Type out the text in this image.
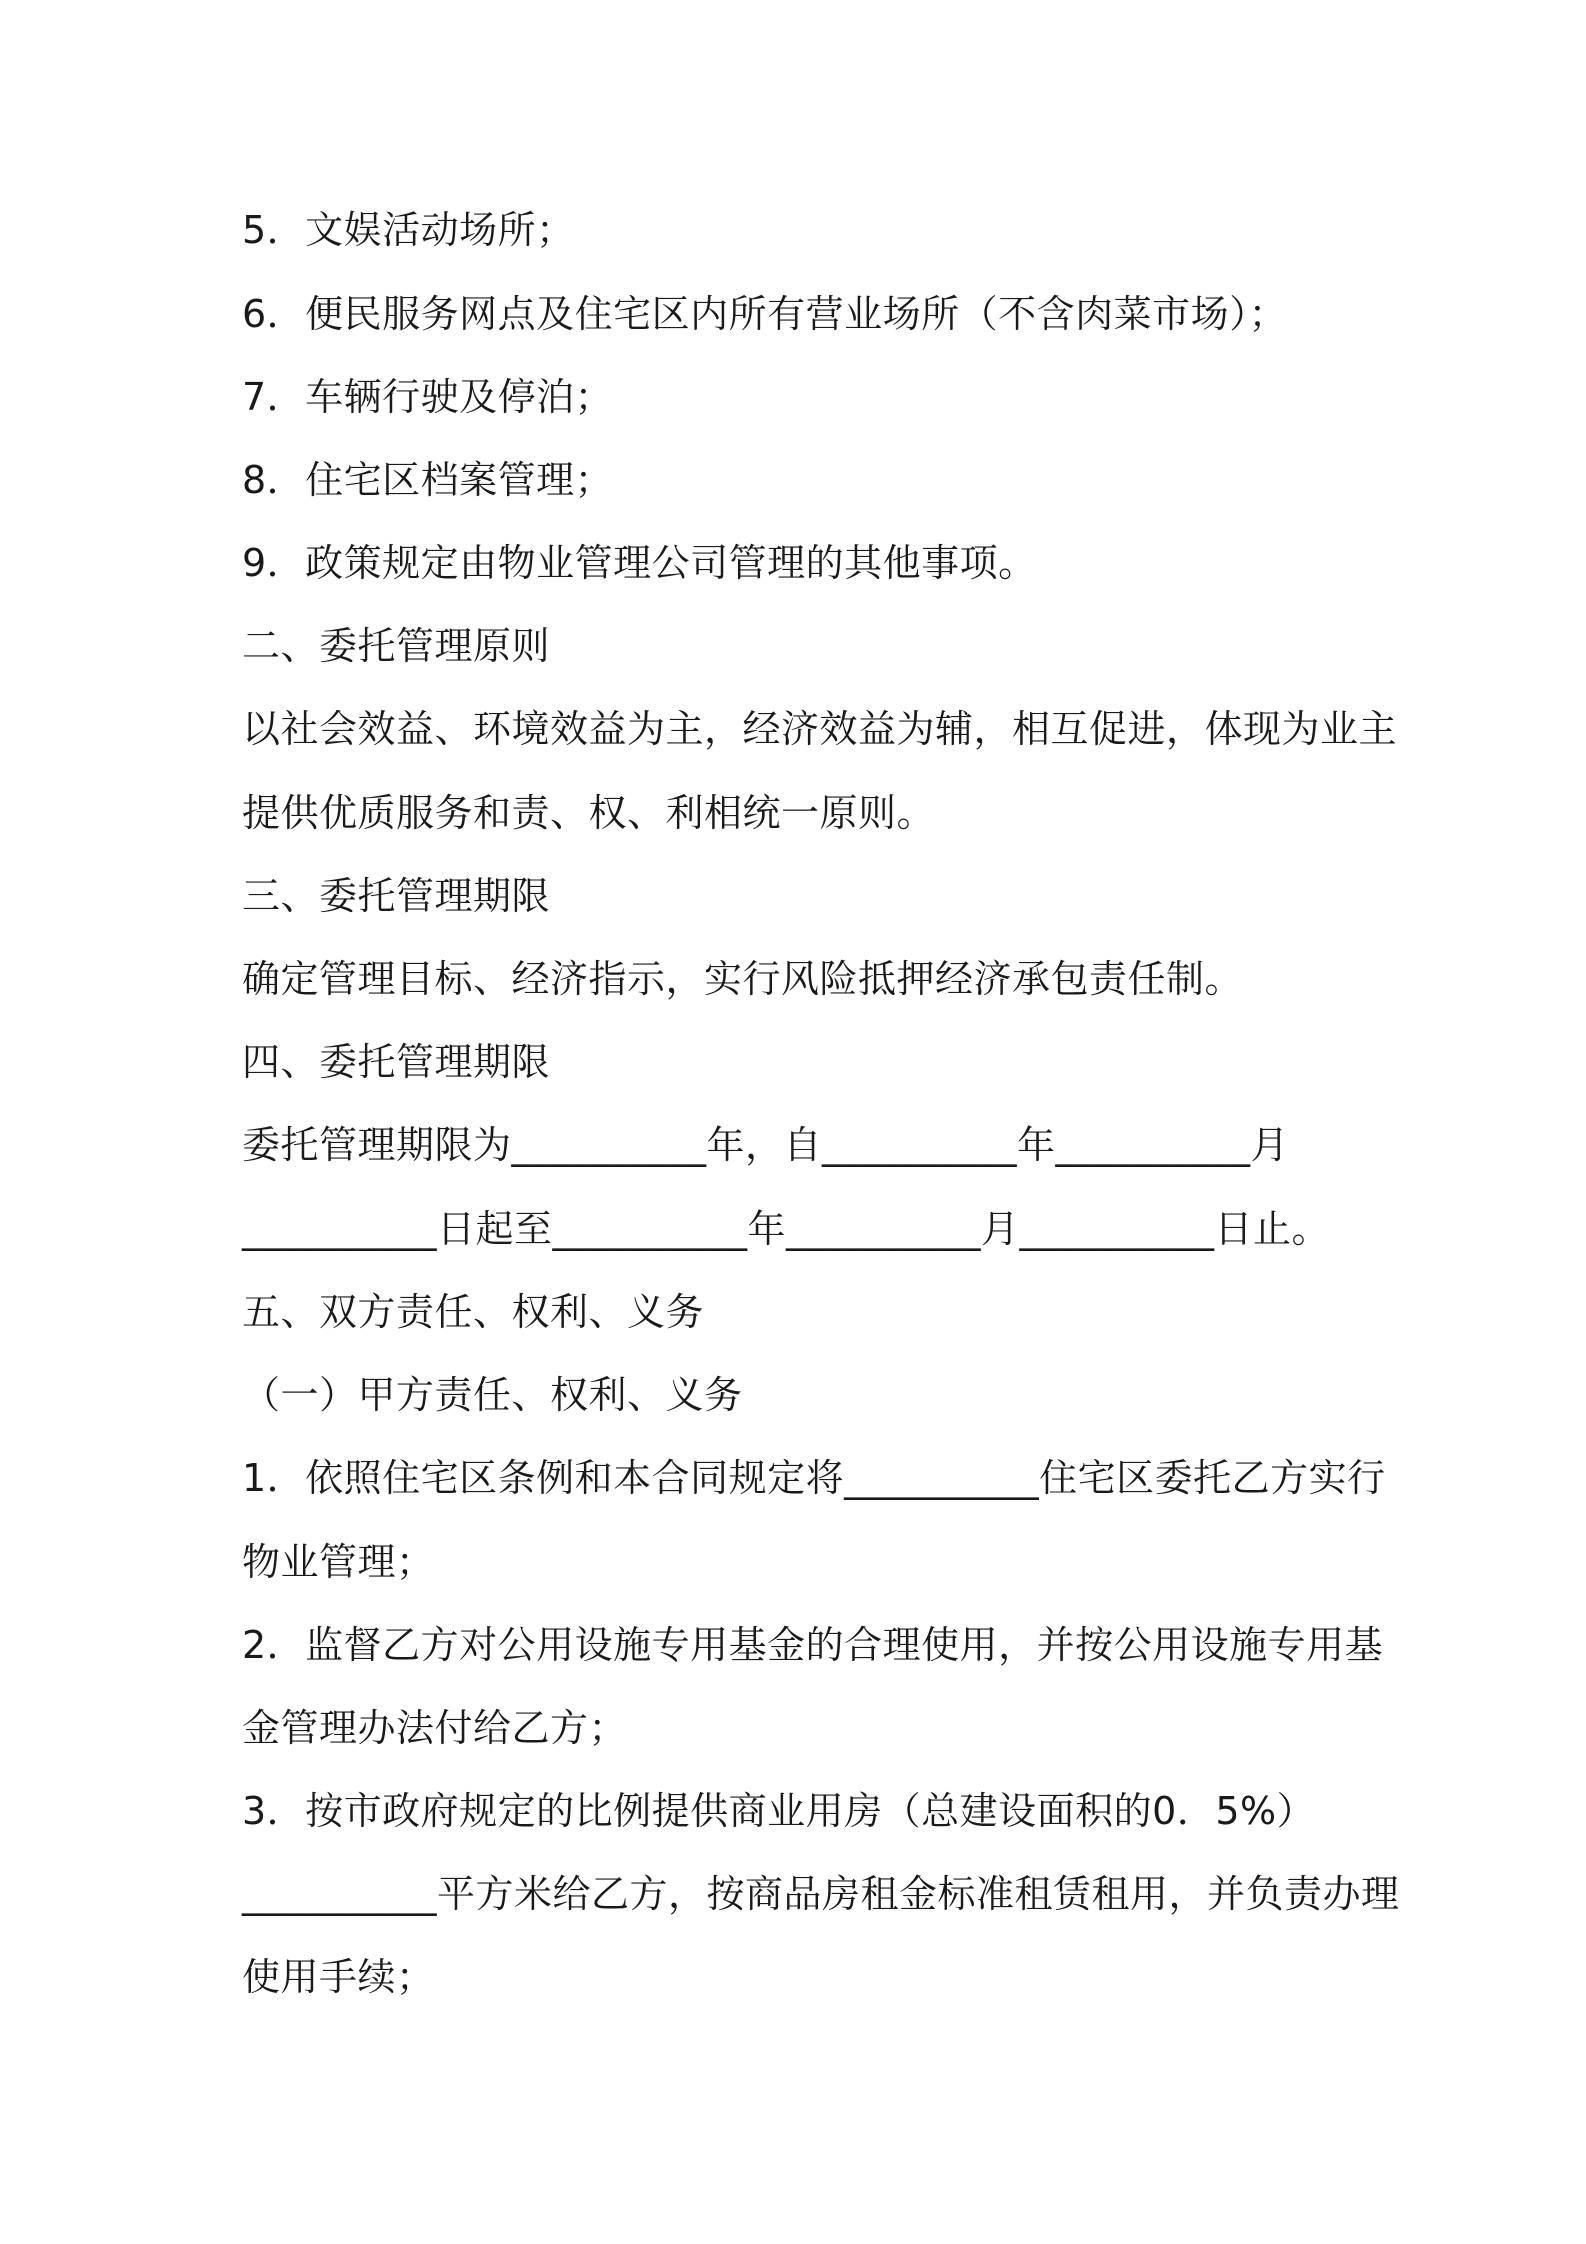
5．文娱活动场所；
6．便民服务网点及住宅区内所有营业场所（不含肉菜市场）；
7．车辆行驶及停泊；
8．住宅区档案管理；
9．政策规定由物业管理公司管理的其他事项。
二、委托管理原则
以社会效益、环境效益为主，经济效益为辅，相互促进，体现为业主
提供优质服务和责、权、利相统一原则。
三、委托管理期限
确定管理目标、经济指示，实行风险抵押经济承包责任制。
四、委托管理期限
委托管理期限为__________年，自__________年__________月
__________日起至__________年__________月__________日止。
五、双方责任、权利、义务
（一）甲方责任、权利、义务
1．依照住宅区条例和本合同规定将__________住宅区委托乙方实行
物业管理；
2．监督乙方对公用设施专用基金的合理使用，并按公用设施专用基
金管理办法付给乙方；
3．按市政府规定的比例提供商业用房（总建设面积的0．5%）
__________平方米给乙方，按商品房租金标准租赁租用，并负责办理
使用手续；
